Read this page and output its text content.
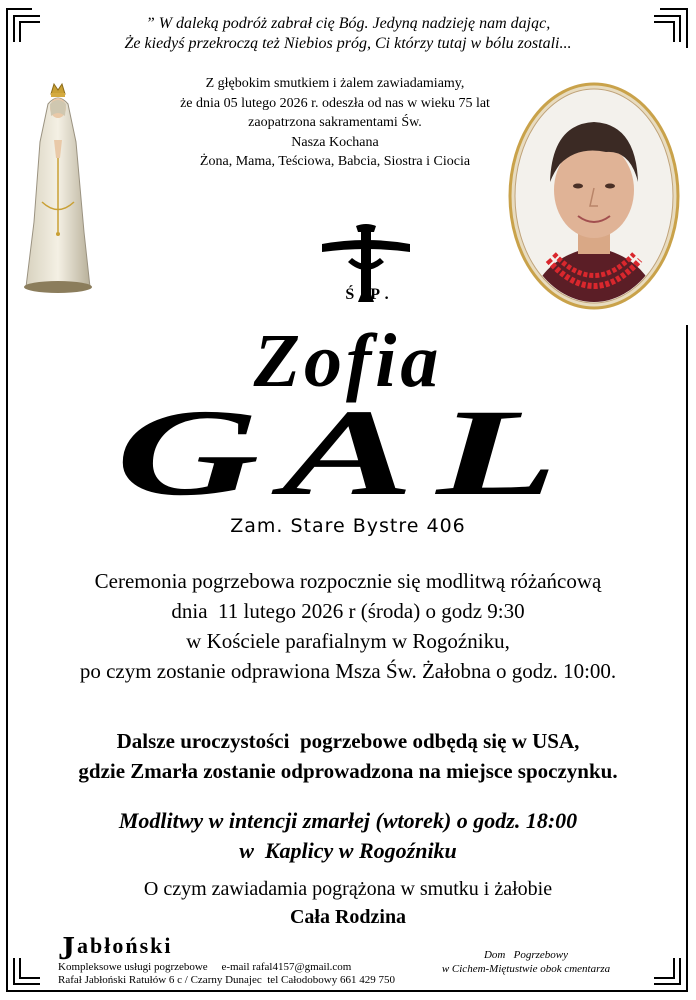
” W daleką podróż zabrał cię Bóg. Jedyną nadzieję nam dając,
Że kiedyś przekroczą też Niebios próg, Ci którzy tutaj w bólu zostali...
Z głębokim smutkiem i żalem zawiadamiamy,
że dnia 05 lutego 2026 r. odeszła od nas w wieku 75 lat
zaopatrzona sakramentami Św.
Nasza Kochana
Żona, Mama, Teściowa, Babcia, Siostra i Ciocia
Ś.P.
Zofia
GAL
Zam. Stare Bystre 406
Ceremonia pogrzebowa rozpocznie się modlitwą różańcową
dnia  11 lutego 2026 r (środa) o godz 9:30
w Kościele parafialnym w Rogoźniku,
po czym zostanie odprawiona Msza Św. Żałobna o godz. 10:00.
Dalsze uroczystości  pogrzebowe odbędą się w USA,
gdzie Zmarła zostanie odprowadzona na miejsce spoczynku.
Modlitwy w intencji zmarłej (wtorek) o godz. 18:00
w  Kaplicy w Rogoźniku
O czym zawiadamia pogrążona w smutku i żałobie
Cała Rodzina
Jabłoński
Kompleksowe usługi pogrzebowe e-mail rafal4157@gmail.com
Rafał Jabłoński Ratułów 6 c / Czarny Dunajec  tel Całodobowy 661 429 750
Dom   Pogrzebowy
w Cichem-Miętustwie obok cmentarza
